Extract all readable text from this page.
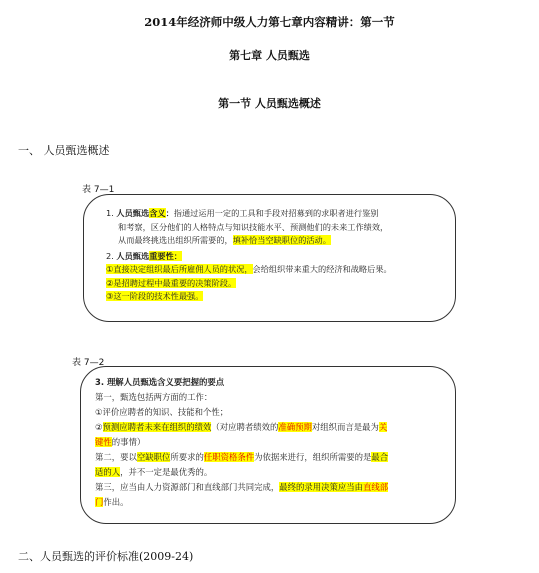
2014年经济师中级人力第七章内容精讲：第一节
第七章 人员甄选
第一节 人员甄选概述
一、 人员甄选概述
表 7—1
1. 人员甄选含义：指通过运用一定的工具和手段对招募到的求职者进行鉴别
和考察，区分他们的人格特点与知识技能水平、预测他们的未来工作绩效，
从而最终挑选出组织所需要的，填补恰当空缺职位的活动。
2. 人员甄选重要性：
①直接决定组织最后所雇佣人员的状况，会给组织带来重大的经济和战略后果。
②是招聘过程中最重要的决策阶段。
③这一阶段的技术性最强。
表 7—2
3. 理解人员甄选含义要把握的要点
第一，甄选包括两方面的工作：
①评价应聘者的知识、技能和个性；
②预测应聘者未来在组织的绩效（对应聘者绩效的准确预期对组织而言是最为关
键性的事情）
第二，要以空缺职位所要求的任职资格条件为依据来进行，组织所需要的是最合
适的人，并不一定是最优秀的。
第三，应当由人力资源部门和直线部门共同完成，最终的录用决策应当由直线部
门作出。
二、人员甄选的评价标准(2009-24)
